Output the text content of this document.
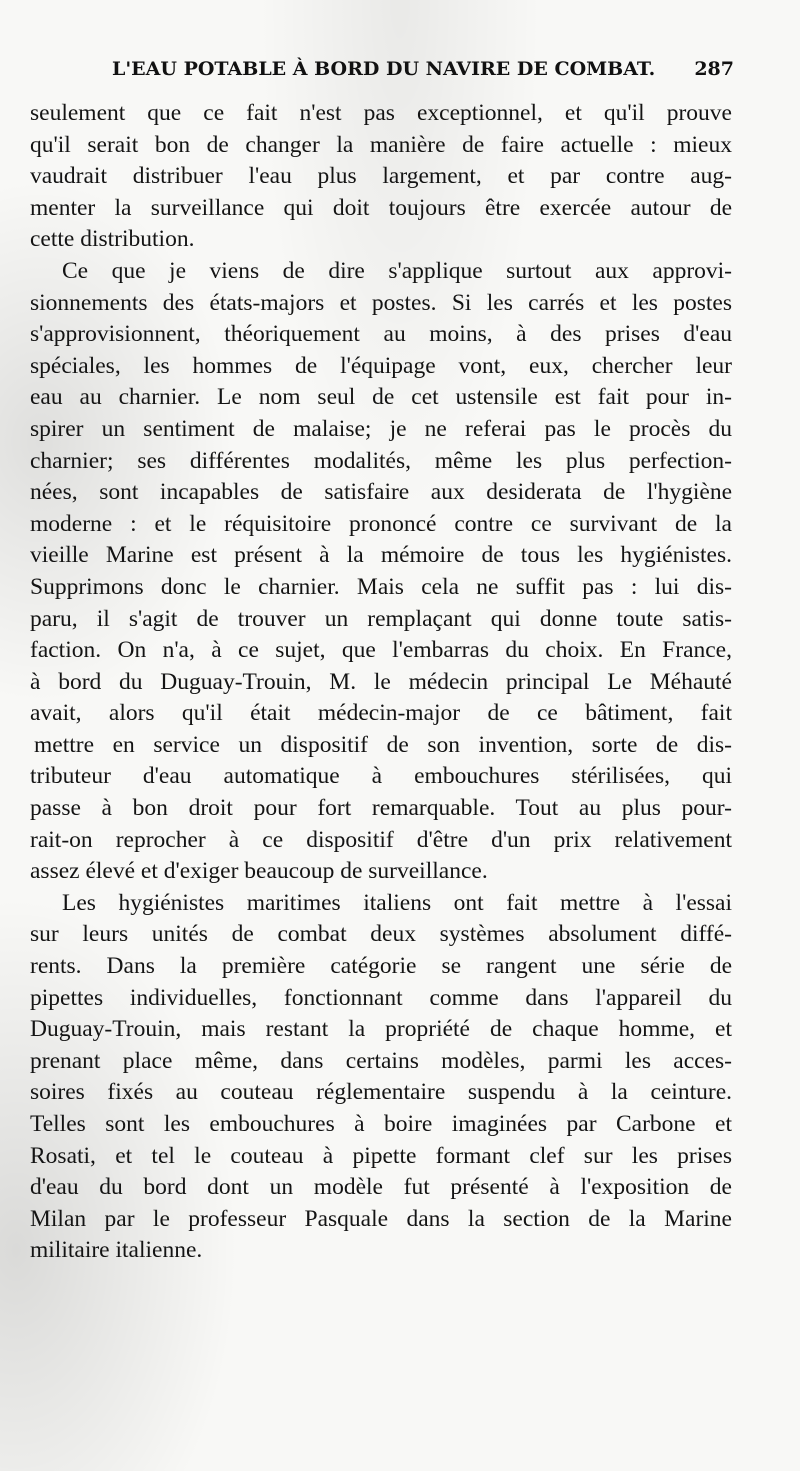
L'EAU POTABLE À BORD DU NAVIRE DE COMBAT. 287
seulement que ce fait n'est pas exceptionnel, et qu'il prouve
qu'il serait bon de changer la manière de faire actuelle : mieux
vaudrait distribuer l'eau plus largement, et par contre aug-
menter la surveillance qui doit toujours être exercée autour de
cette distribution.
Ce que je viens de dire s'applique surtout aux approvi-
sionnements des états-majors et postes. Si les carrés et les postes
s'approvisionnent, théoriquement au moins, à des prises d'eau
spéciales, les hommes de l'équipage vont, eux, chercher leur
eau au charnier. Le nom seul de cet ustensile est fait pour in-
spirer un sentiment de malaise; je ne referai pas le procès du
charnier; ses différentes modalités, même les plus perfection-
nées, sont incapables de satisfaire aux desiderata de l'hygiène
moderne : et le réquisitoire prononcé contre ce survivant de la
vieille Marine est présent à la mémoire de tous les hygiénistes.
Supprimons donc le charnier. Mais cela ne suffit pas : lui dis-
paru, il s'agit de trouver un remplaçant qui donne toute satis-
faction. On n'a, à ce sujet, que l'embarras du choix. En France,
à bord du Duguay-Trouin, M. le médecin principal Le Méhauté
avait, alors qu'il était médecin-major de ce bâtiment, fait
mettre en service un dispositif de son invention, sorte de dis-
tributeur d'eau automatique à embouchures stérilisées, qui
passe à bon droit pour fort remarquable. Tout au plus pour-
rait-on reprocher à ce dispositif d'être d'un prix relativement
assez élevé et d'exiger beaucoup de surveillance.
Les hygiénistes maritimes italiens ont fait mettre à l'essai
sur leurs unités de combat deux systèmes absolument diffé-
rents. Dans la première catégorie se rangent une série de
pipettes individuelles, fonctionnant comme dans l'appareil du
Duguay-Trouin, mais restant la propriété de chaque homme, et
prenant place même, dans certains modèles, parmi les acces-
soires fixés au couteau réglementaire suspendu à la ceinture.
Telles sont les embouchures à boire imaginées par Carbone et
Rosati, et tel le couteau à pipette formant clef sur les prises
d'eau du bord dont un modèle fut présenté à l'exposition de
Milan par le professeur Pasquale dans la section de la Marine
militaire italienne.
